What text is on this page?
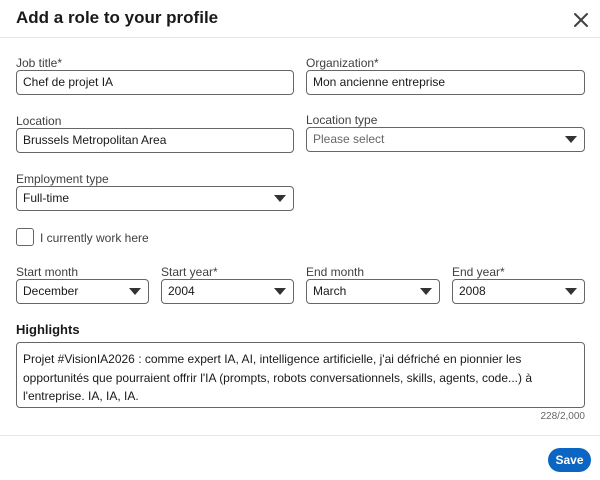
Add a role to your profile
Job title*
Chef de projet IA
Organization*
Mon ancienne entreprise
Location
Brussels Metropolitan Area
Location type
Please select
Employment type
Full-time
I currently work here
Start month
December
Start year*
2004
End month
March
End year*
2008
Highlights
Projet #VisionIA2026 : comme expert IA, AI, intelligence artificielle, j'ai défriché en pionnier les opportunités que pourraient offrir l'IA (prompts, robots conversationnels, skills, agents, code...) à l'entreprise. IA, IA, IA.
228/2,000
Save
